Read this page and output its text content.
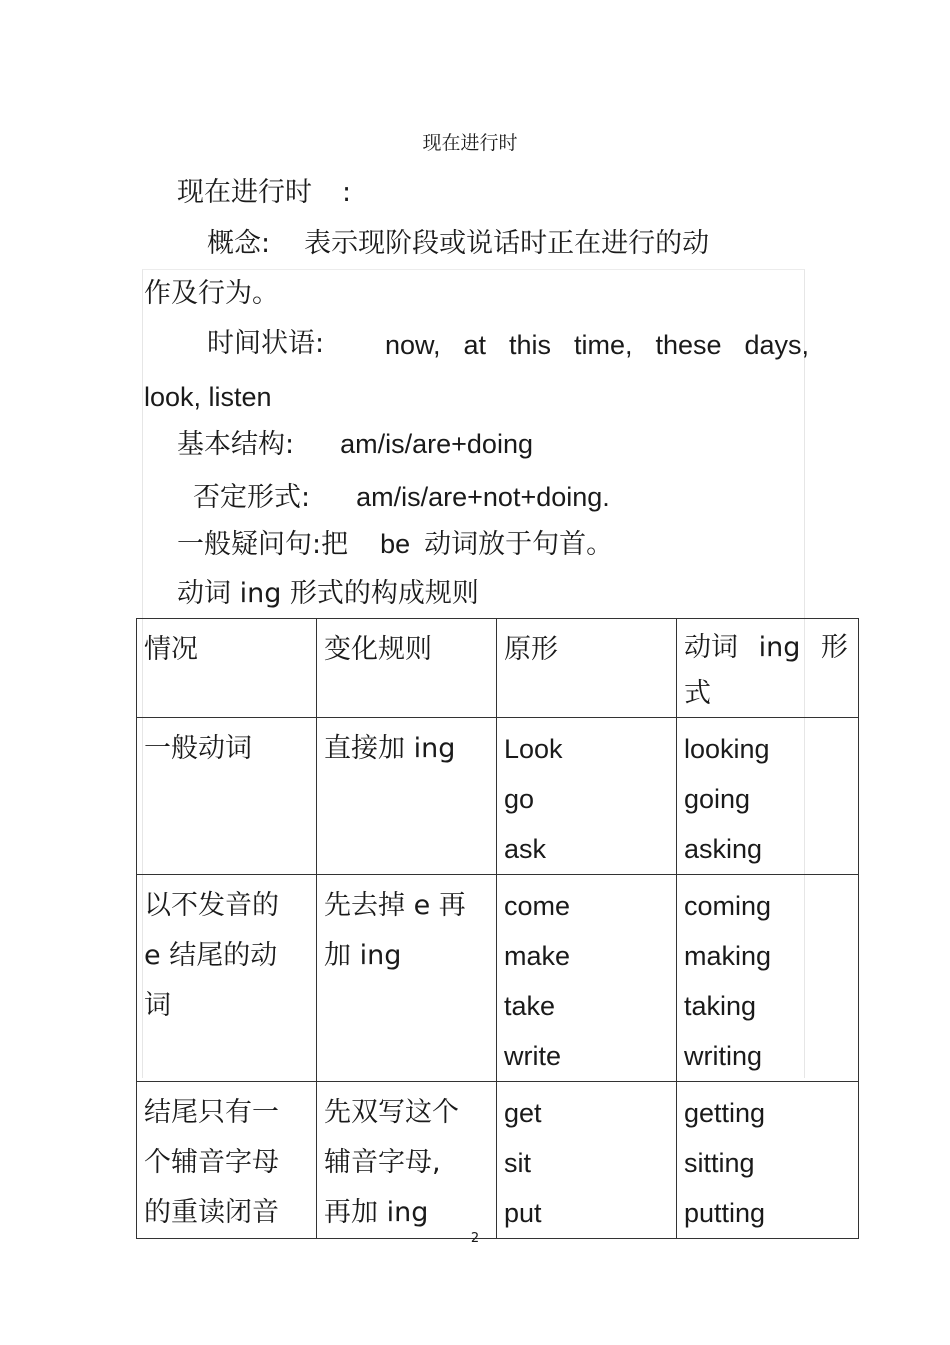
现在进行时
现在进行时 :
概念: 表示现阶段或说话时正在进行的动
作及行为。
时间状语: now, at this time, these days,
look, listen
基本结构: am/is/are+doing
否定形式: am/is/are+not+doing.
一般疑问句:把 be 动词放于句首。
动词 ing 形式的构成规则
情况	变化规则	原形	动词 ing 形
式

一般动词	直接加 ing	Look
go
ask	looking
going
asking

以不发音的
e 结尾的动
词	先去掉 e 再
加 ing	come
make
take
write	coming
making
taking
writing

结尾只有一
个辅音字母
的重读闭音	先双写这个
辅音字母,
再加 ing	get
sit
put	getting
sitting
putting
2
